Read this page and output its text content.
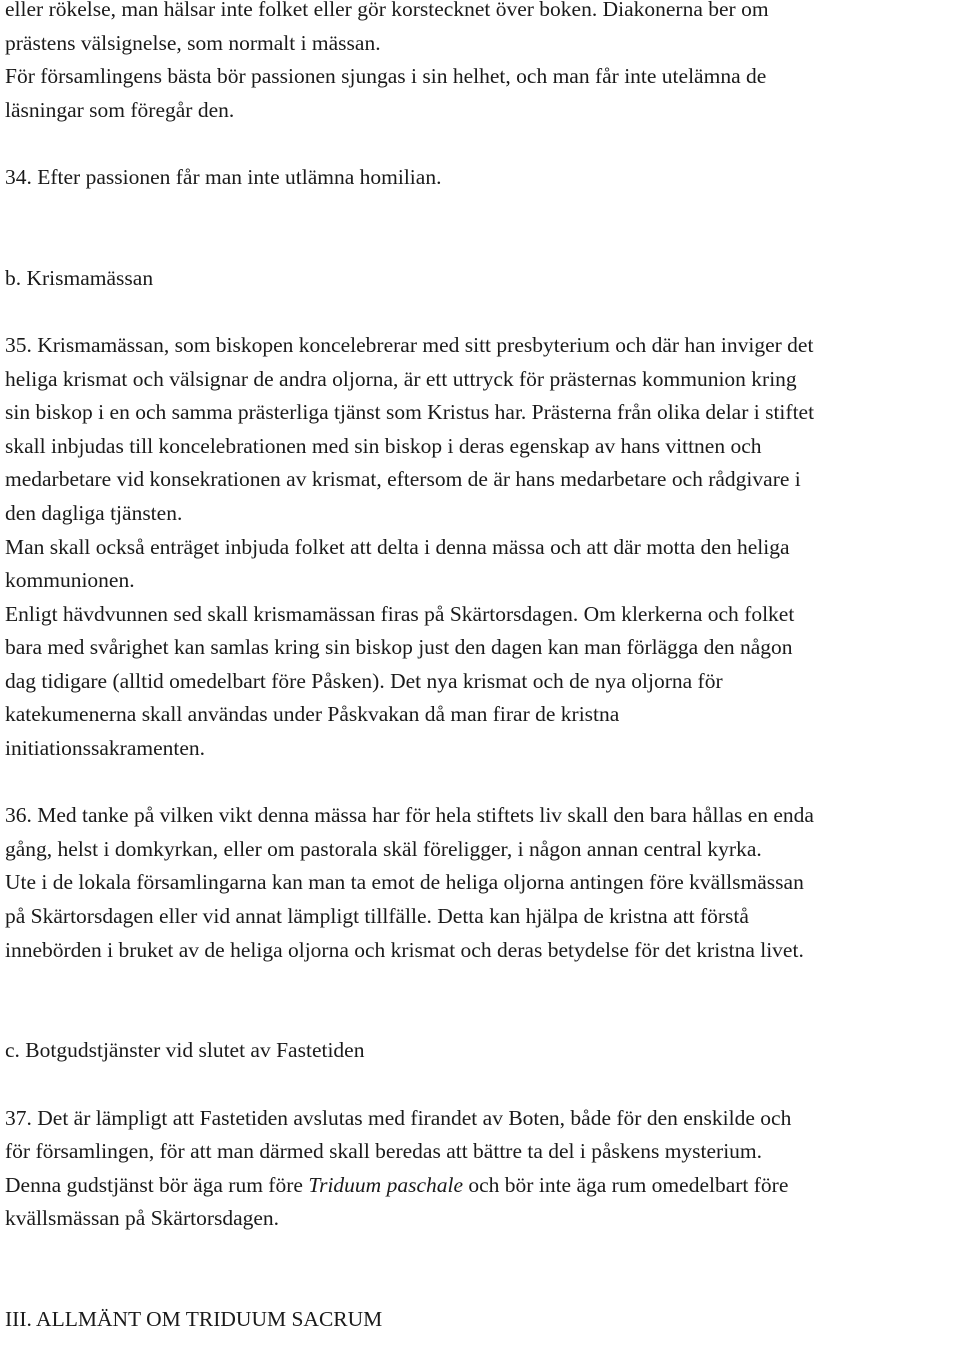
eller rökelse, man hälsar inte folket eller gör korstecknet över boken. Diakonerna ber om

prästens välsignelse, som normalt i mässan.

För församlingens bästa bör passionen sjungas i sin helhet, och man får inte utelämna de

läsningar som föregår den.

34. Efter passionen får man inte utlämna homilian.

b. Krismamässan

35. Krismamässan, som biskopen koncelebrerar med sitt presbyterium och där han inviger det

heliga krismat och välsignar de andra oljorna, är ett uttryck för prästernas kommunion kring

sin biskop i en och samma prästerliga tjänst som Kristus har. Prästerna från olika delar i stiftet

skall inbjudas till koncelebrationen med sin biskop i deras egenskap av hans vittnen och

medarbetare vid konsekrationen av krismat, eftersom de är hans medarbetare och rådgivare i

den dagliga tjänsten.

Man skall också enträget inbjuda folket att delta i denna mässa och att där motta den heliga

kommunionen.

Enligt hävdvunnen sed skall krismamässan firas på Skärtorsdagen. Om klerkerna och folket

bara med svårighet kan samlas kring sin biskop just den dagen kan man förlägga den någon

dag tidigare (alltid omedelbart före Påsken). Det nya krismat och de nya oljorna för

katekumenerna skall användas under Påskvakan då man firar de kristna

initiationssakramenten.

36. Med tanke på vilken vikt denna mässa har för hela stiftets liv skall den bara hållas en enda

gång, helst i domkyrkan, eller om pastorala skäl föreligger, i någon annan central kyrka.

Ute i de lokala församlingarna kan man ta emot de heliga oljorna antingen före kvällsmässan

på Skärtorsdagen eller vid annat lämpligt tillfälle. Detta kan hjälpa de kristna att förstå

innebörden i bruket av de heliga oljorna och krismat och deras betydelse för det kristna livet.

c. Botgudstjänster vid slutet av Fastetiden

37. Det är lämpligt att Fastetiden avslutas med firandet av Boten, både för den enskilde och

för församlingen, för att man därmed skall beredas att bättre ta del i påskens mysterium.

Denna gudstjänst bör äga rum före Triduum paschale och bör inte äga rum omedelbart före

kvällsmässan på Skärtorsdagen.

III. ALLMÄNT OM TRIDUUM SACRUM
